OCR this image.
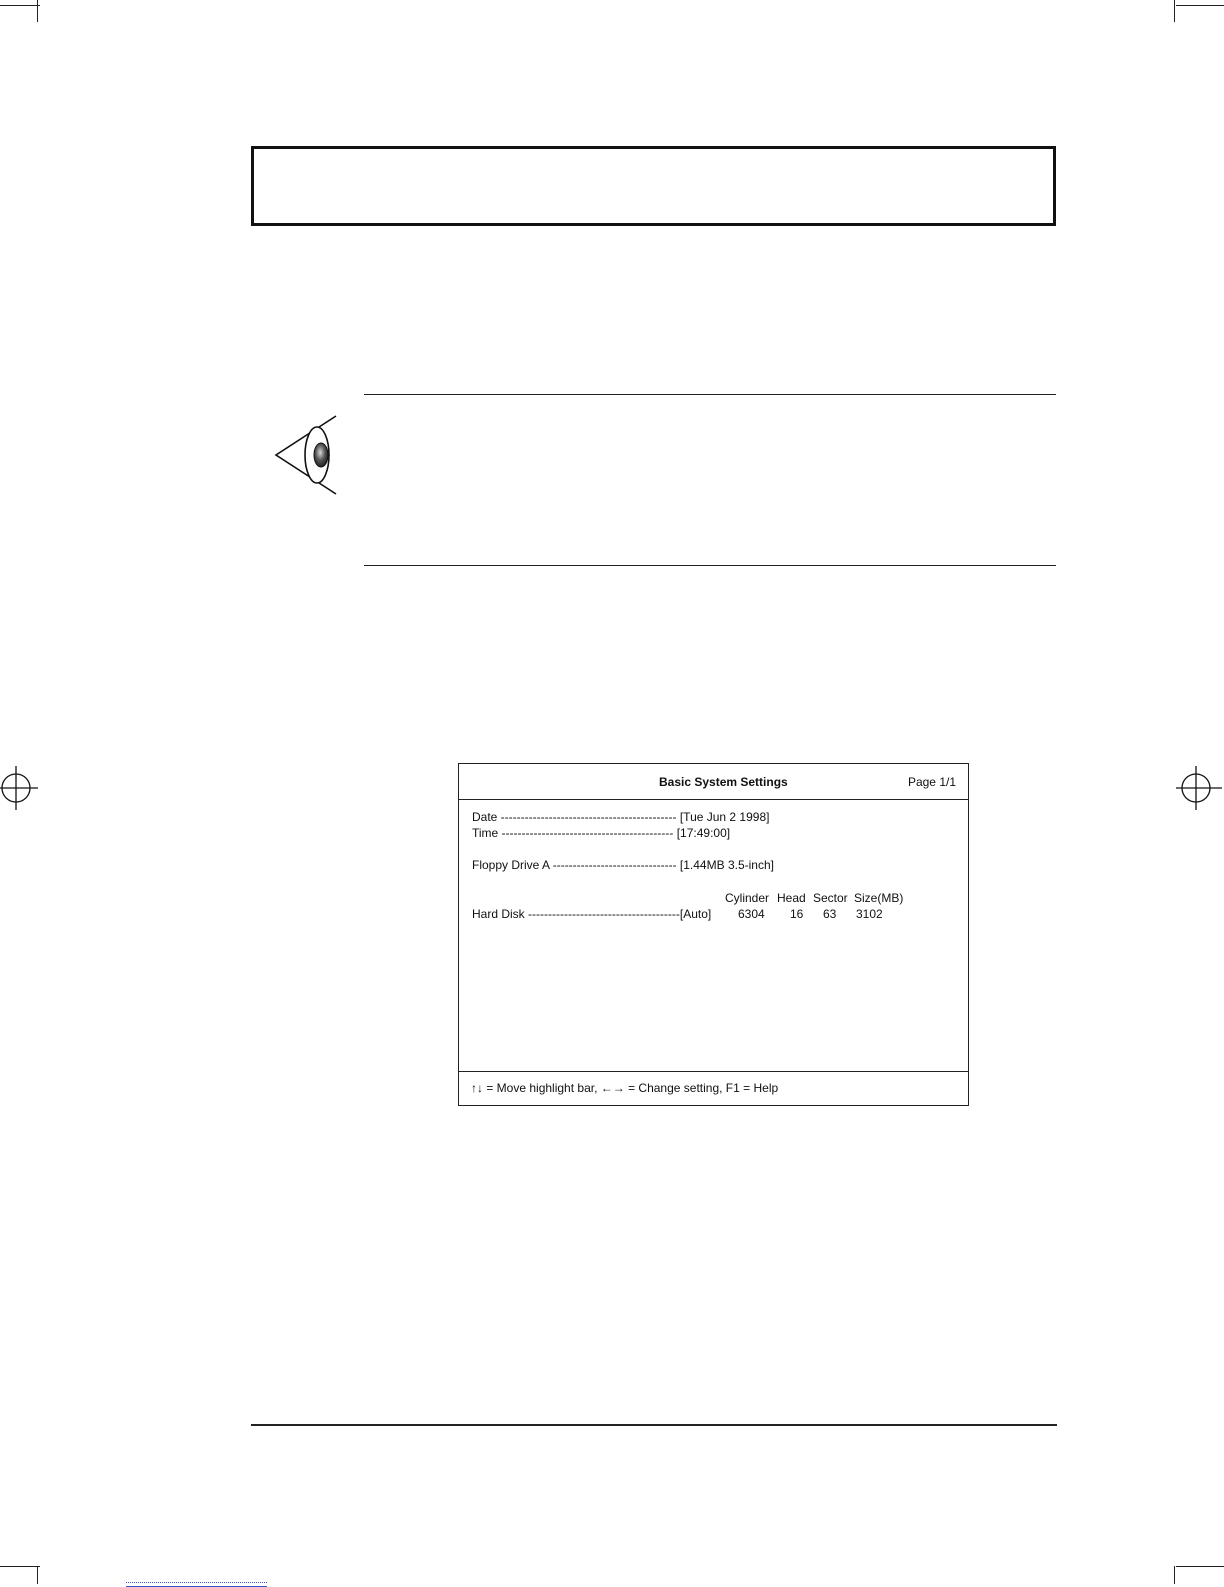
Basic System Settings	Page 1/1
Date -------------------------------------------- [Tue Jun 2 1998]
Time ------------------------------------------- [17:49:00]
Floppy Drive A ------------------------------- [1.44MB 3.5-inch]
Cylinder Head Sector Size(MB)
Hard Disk --------------------------------------[Auto] 6304 16 63 3102
↑↓ = Move highlight bar, ←→ = Change setting, F1 = Help
